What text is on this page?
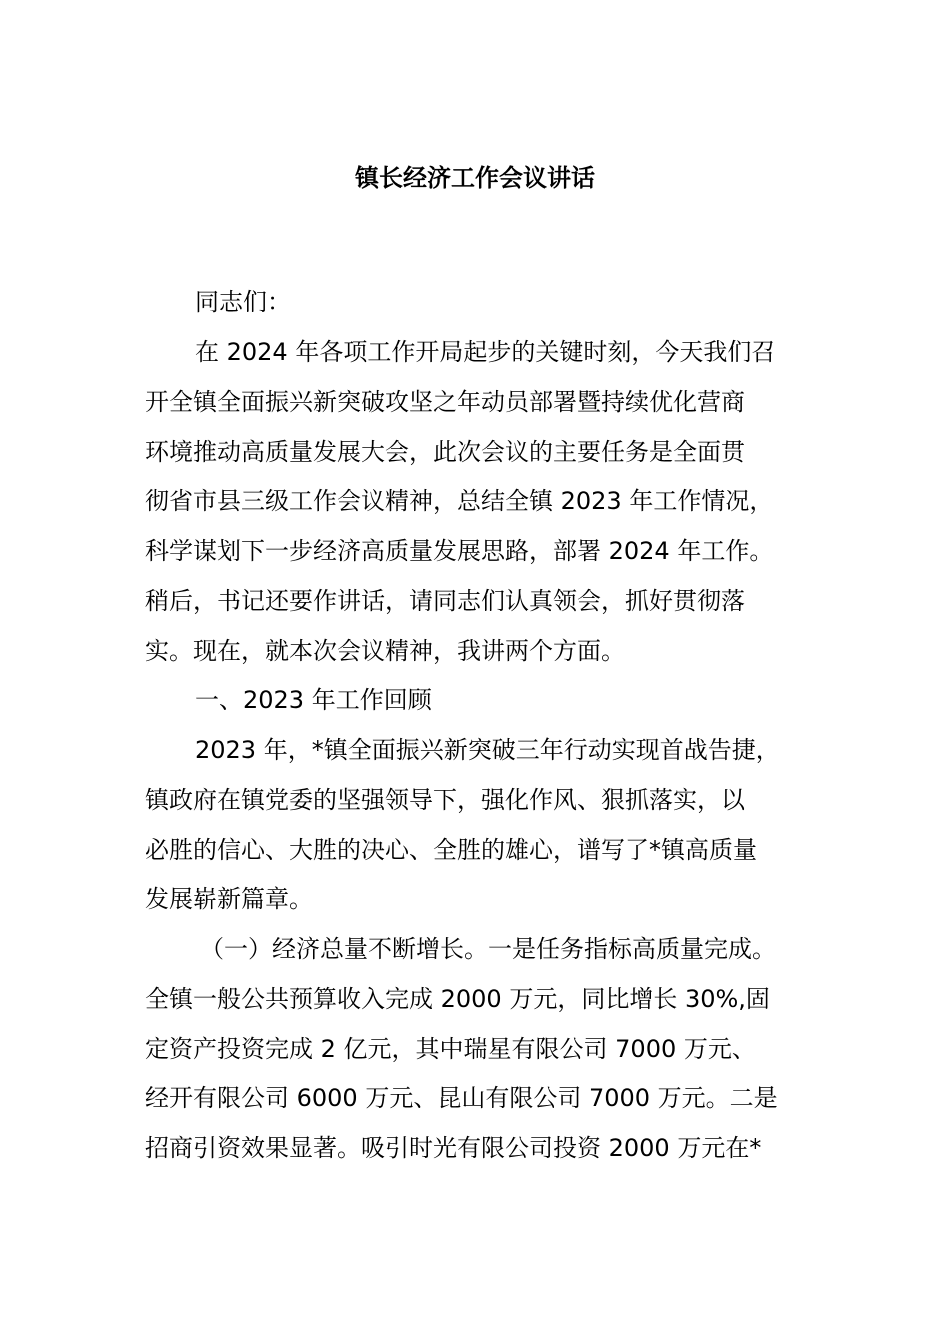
镇长经济工作会议讲话
同志们：
在 2024 年各项工作开局起步的关键时刻，今天我们召
开全镇全面振兴新突破攻坚之年动员部署暨持续优化营商
环境推动高质量发展大会，此次会议的主要任务是全面贯
彻省市县三级工作会议精神，总结全镇 2023 年工作情况，
科学谋划下一步经济高质量发展思路，部署 2024 年工作。
稍后，书记还要作讲话，请同志们认真领会，抓好贯彻落
实。现在，就本次会议精神，我讲两个方面。
一、2023 年工作回顾
2023 年，*镇全面振兴新突破三年行动实现首战告捷，
镇政府在镇党委的坚强领导下，强化作风、狠抓落实，以
必胜的信心、大胜的决心、全胜的雄心，谱写了*镇高质量
发展崭新篇章。
（一）经济总量不断增长。一是任务指标高质量完成。
全镇一般公共预算收入完成 2000 万元，同比增长 30%,固
定资产投资完成 2 亿元，其中瑞星有限公司 7000 万元、
经开有限公司 6000 万元、昆山有限公司 7000 万元。二是
招商引资效果显著。吸引时光有限公司投资 2000 万元在*
